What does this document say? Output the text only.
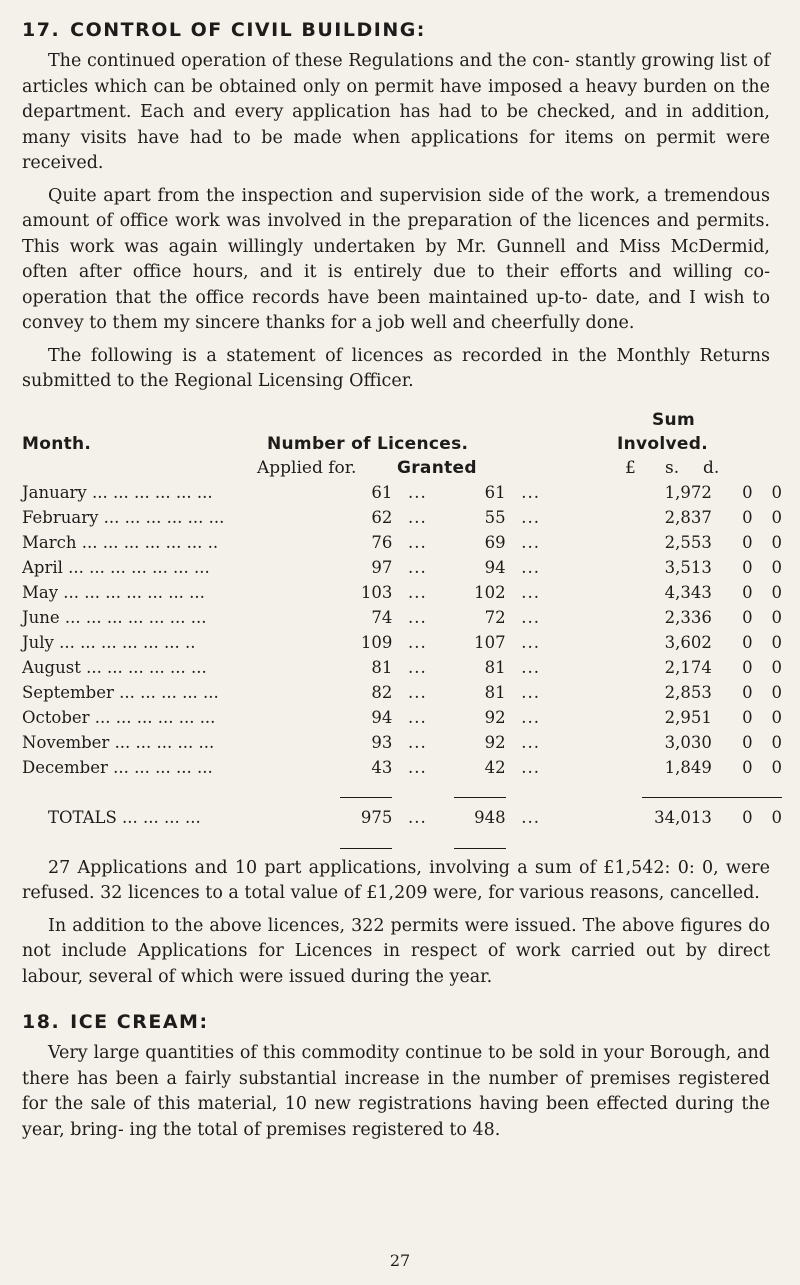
17. CONTROL OF CIVIL BUILDING:

The continued operation of these Regulations and the con- stantly growing list of articles which can be obtained only on permit have imposed a heavy burden on the department. Each and every application has had to be checked, and in addition, many visits have had to be made when applications for items on permit were received.

Quite apart from the inspection and supervision side of the work, a tremendous amount of office work was involved in the preparation of the licences and permits. This work was again willingly undertaken by Mr. Gunnell and Miss McDermid, often after office hours, and it is entirely due to their efforts and willing co-operation that the office records have been maintained up-to- date, and I wish to convey to them my sincere thanks for a job well and cheerfully done.

The following is a statement of licences as recorded in the Monthly Returns submitted to the Regional Licensing Officer.

Month.	Number of Licences.
Applied for. Granted
Sum
Involved.
£ s. d.
January ... ... ... ... ... ...	61	...	61	...	1,972	0	0
February ... ... ... ... ... ...	62	...	55	...	2,837	0	0
March ... ... ... ... ... ... ..	76	...	69	...	2,553	0	0
April ... ... ... ... ... ... ...	97	...	94	...	3,513	0	0
May ... ... ... ... ... ... ...	103	...	102	...	4,343	0	0
June ... ... ... ... ... ... ...	74	...	72	...	2,336	0	0
July ... ... ... ... ... ... ..	109	...	107	...	3,602	0	0
August ... ... ... ... ... ...	81	...	81	...	2,174	0	0
September ... ... ... ... ...	82	...	81	...	2,853	0	0
October ... ... ... ... ... ...	94	...	92	...	2,951	0	0
November ... ... ... ... ...	93	...	92	...	3,030	0	0
December ... ... ... ... ...	43	...	42	...	1,849	0	0

TOTALS ... ... ... ...	975	...	948	...	34,013	0	0

27 Applications and 10 part applications, involving a sum of £1,542: 0: 0, were refused. 32 licences to a total value of £1,209 were, for various reasons, cancelled.

In addition to the above licences, 322 permits were issued. The above figures do not include Applications for Licences in respect of work carried out by direct labour, several of which were issued during the year.

18. ICE CREAM:

Very large quantities of this commodity continue to be sold in your Borough, and there has been a fairly substantial increase in the number of premises registered for the sale of this material, 10 new registrations having been effected during the year, bring- ing the total of premises registered to 48.

27
